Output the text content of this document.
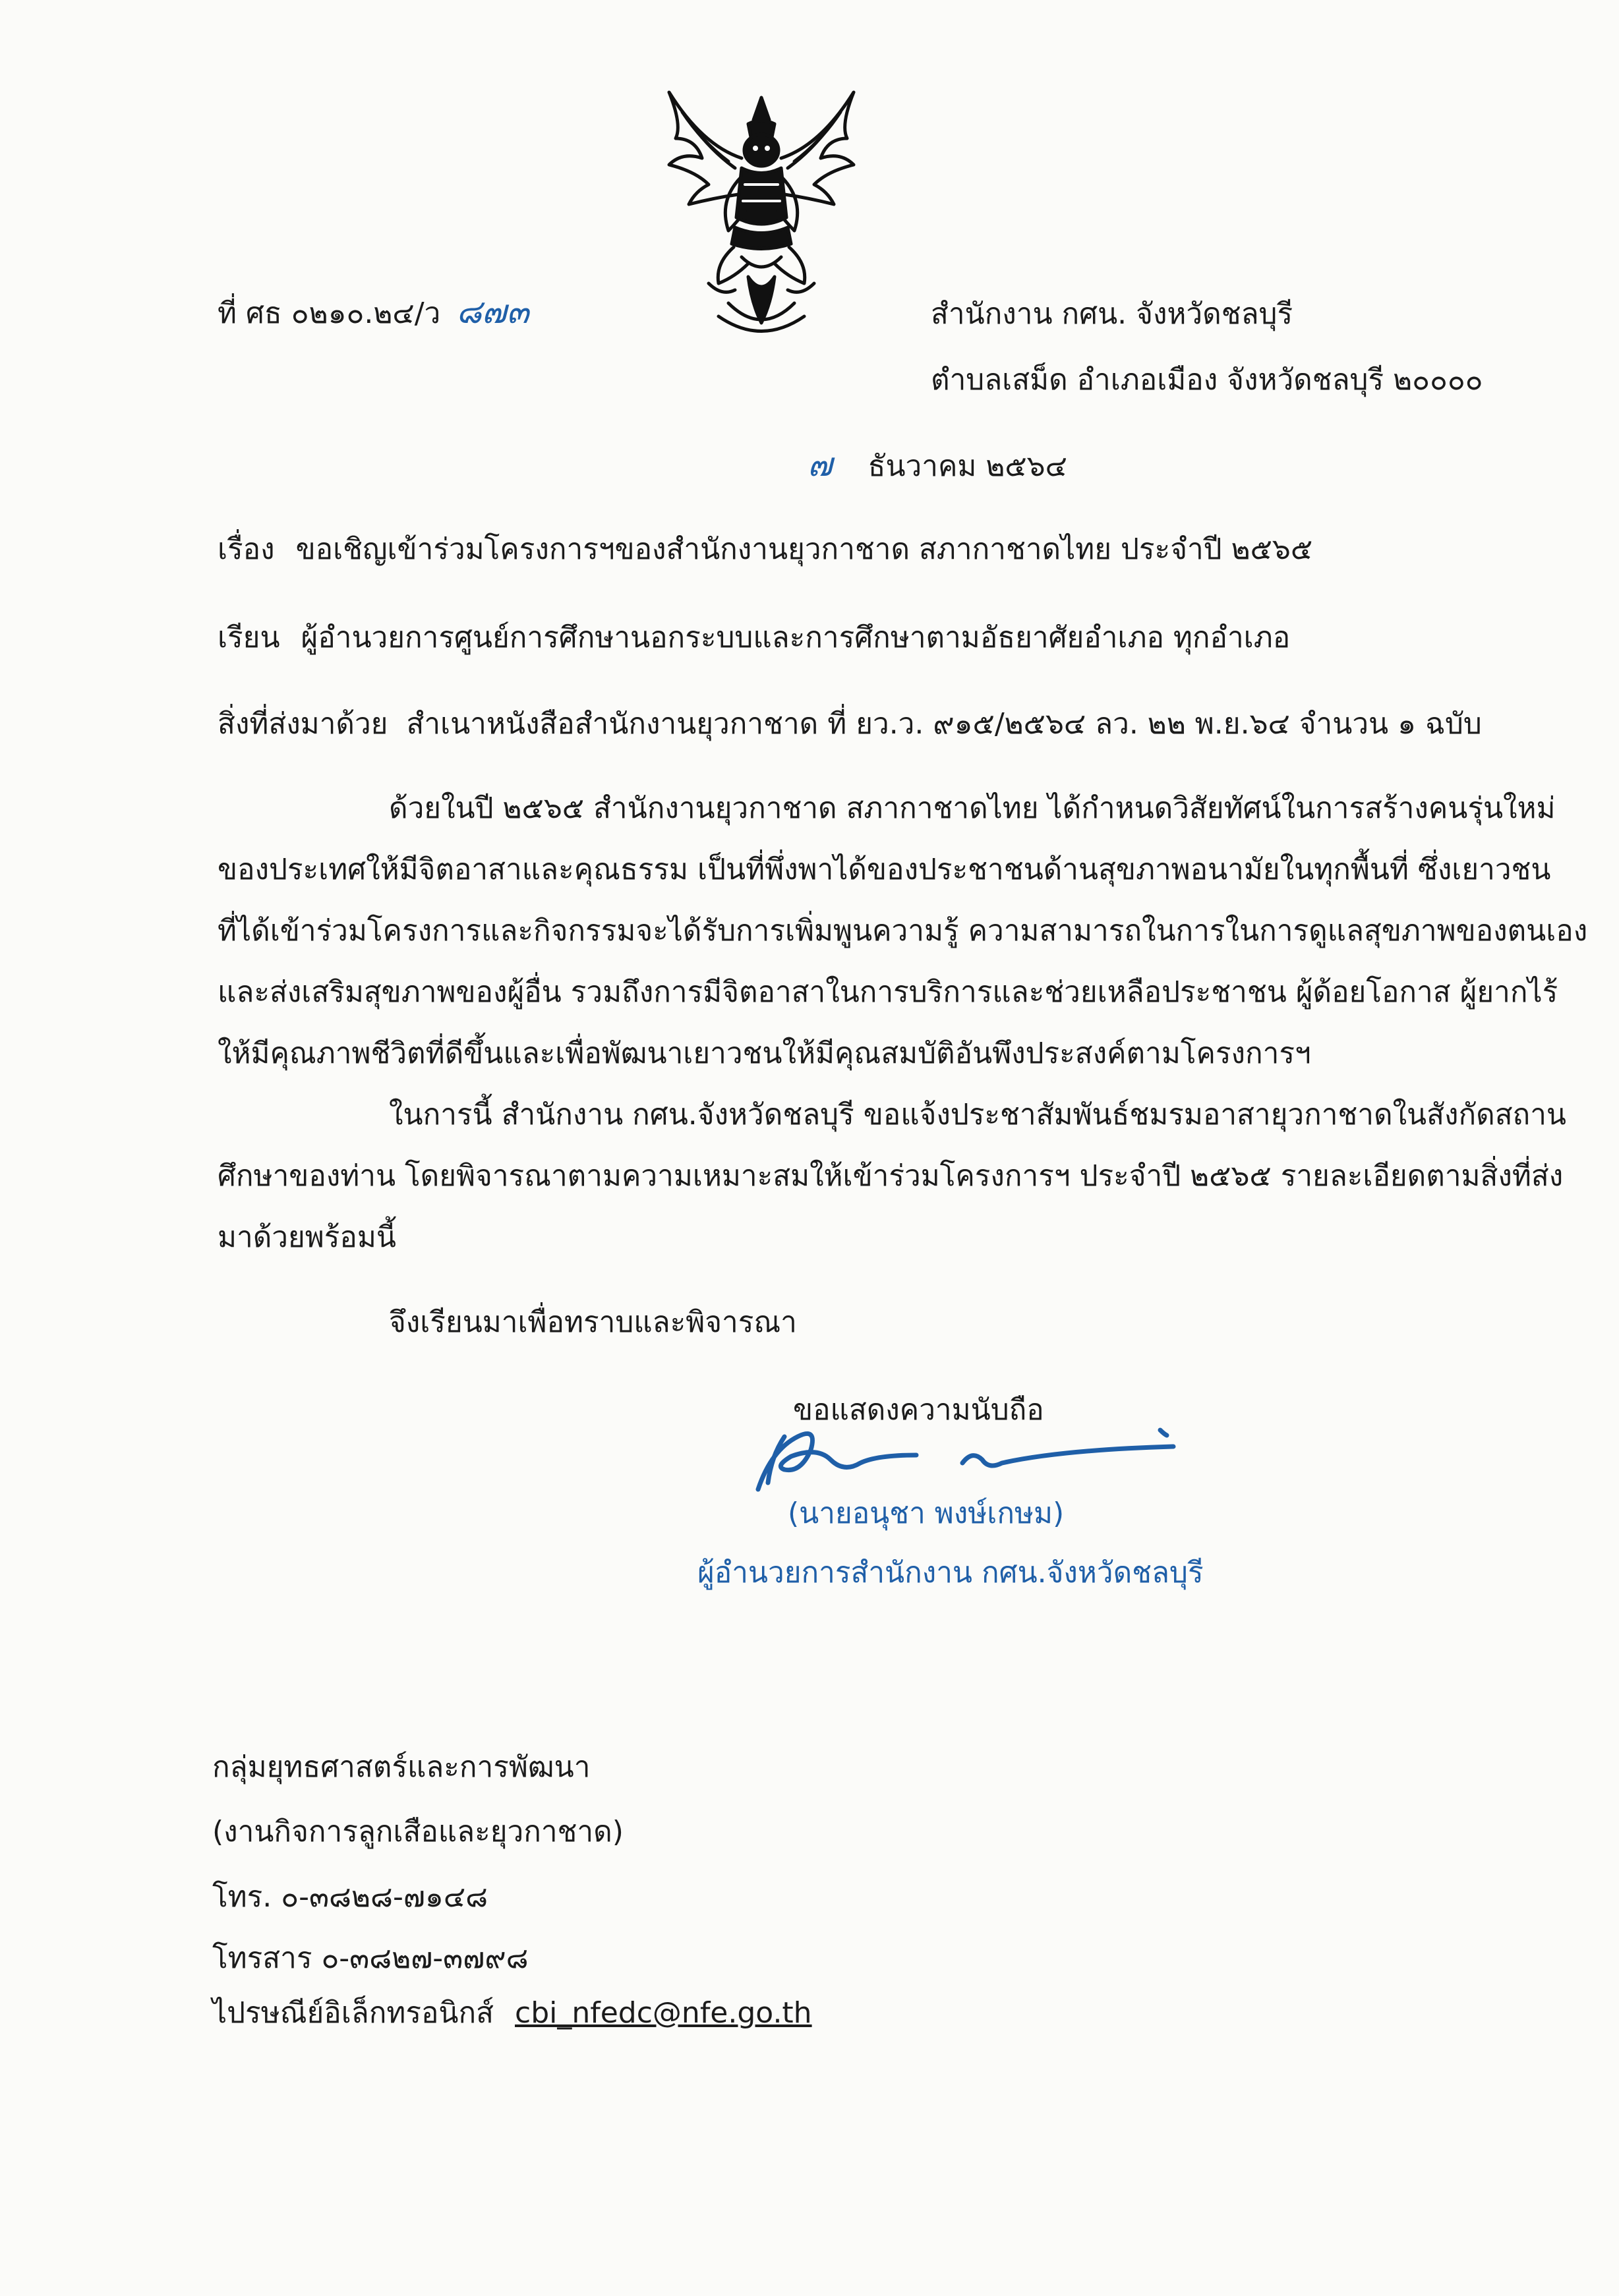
ที่ ศธ ๐๒๑๐.๒๔/ว ๘๗๓	สำนักงาน กศน. จังหวัดชลบุรี
ตำบลเสม็ด อำเภอเมือง จังหวัดชลบุรี ๒๐๐๐๐
๗ ธันวาคม ๒๕๖๔
เรื่อง ขอเชิญเข้าร่วมโครงการฯของสำนักงานยุวกาชาด สภากาชาดไทย ประจำปี ๒๕๖๕
เรียน ผู้อำนวยการศูนย์การศึกษานอกระบบและการศึกษาตามอัธยาศัยอำเภอ ทุกอำเภอ
สิ่งที่ส่งมาด้วย สำเนาหนังสือสำนักงานยุวกาชาด ที่ ยว.ว. ๙๑๕/๒๕๖๔ ลว. ๒๒ พ.ย.๖๔ จำนวน ๑ ฉบับ
ด้วยในปี ๒๕๖๕ สำนักงานยุวกาชาด สภากาชาดไทย ได้กำหนดวิสัยทัศน์ในการสร้างคนรุ่นใหม่
ของประเทศให้มีจิตอาสาและคุณธรรม เป็นที่พึ่งพาได้ของประชาชนด้านสุขภาพอนามัยในทุกพื้นที่ ซึ่งเยาวชน
ที่ได้เข้าร่วมโครงการและกิจกรรมจะได้รับการเพิ่มพูนความรู้ ความสามารถในการในการดูแลสุขภาพของตนเอง
และส่งเสริมสุขภาพของผู้อื่น รวมถึงการมีจิตอาสาในการบริการและช่วยเหลือประชาชน ผู้ด้อยโอกาส ผู้ยากไร้
ให้มีคุณภาพชีวิตที่ดีขึ้นและเพื่อพัฒนาเยาวชนให้มีคุณสมบัติอันพึงประสงค์ตามโครงการฯ
ในการนี้ สำนักงาน กศน.จังหวัดชลบุรี ขอแจ้งประชาสัมพันธ์ชมรมอาสายุวกาชาดในสังกัดสถาน
ศึกษาของท่าน โดยพิจารณาตามความเหมาะสมให้เข้าร่วมโครงการฯ ประจำปี ๒๕๖๕ รายละเอียดตามสิ่งที่ส่ง
มาด้วยพร้อมนี้
จึงเรียนมาเพื่อทราบและพิจารณา
ขอแสดงความนับถือ
(นายอนุชา พงษ์เกษม)
ผู้อำนวยการสำนักงาน กศน.จังหวัดชลบุรี
กลุ่มยุทธศาสตร์และการพัฒนา
(งานกิจการลูกเสือและยุวกาชาด)
โทร. ๐-๓๘๒๘-๗๑๔๘
โทรสาร ๐-๓๘๒๗-๓๗๙๘
ไปรษณีย์อิเล็กทรอนิกส์ cbi_nfedc@nfe.go.th
